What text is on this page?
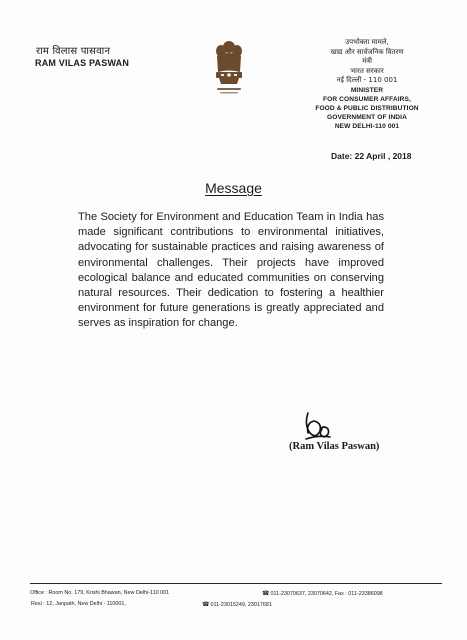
राम विलास पासवान
RAM VILAS PASWAN
उपभोक्ता मामले,
खाद्य और सार्वजनिक वितरण
मंत्री
भारत सरकार
नई दिल्ली - 110 001
MINISTER
FOR CONSUMER AFFAIRS,
FOOD & PUBLIC DISTRIBUTION
GOVERNMENT OF INDIA
NEW DELHI-110 001
Date: 22 April , 2018
Message
The Society for Environment and Education Team in India has made significant contributions to environmental initiatives, advocating for sustainable practices and raising awareness of environmental challenges. Their projects have improved ecological balance and educated communities on conserving natural resources. Their dedication to fostering a healthier environment for future generations is greatly appreciated and serves as inspiration for change.
(Ram Vilas Paswan)
Office : Room No. 179, Krishi Bhawan, New Delhi-110 001	☎011-23070637, 23070642, Fax : 011-23386098
Resi : 12, Janpath, New Delhi - 110001,	☎011-23015249, 23017681
